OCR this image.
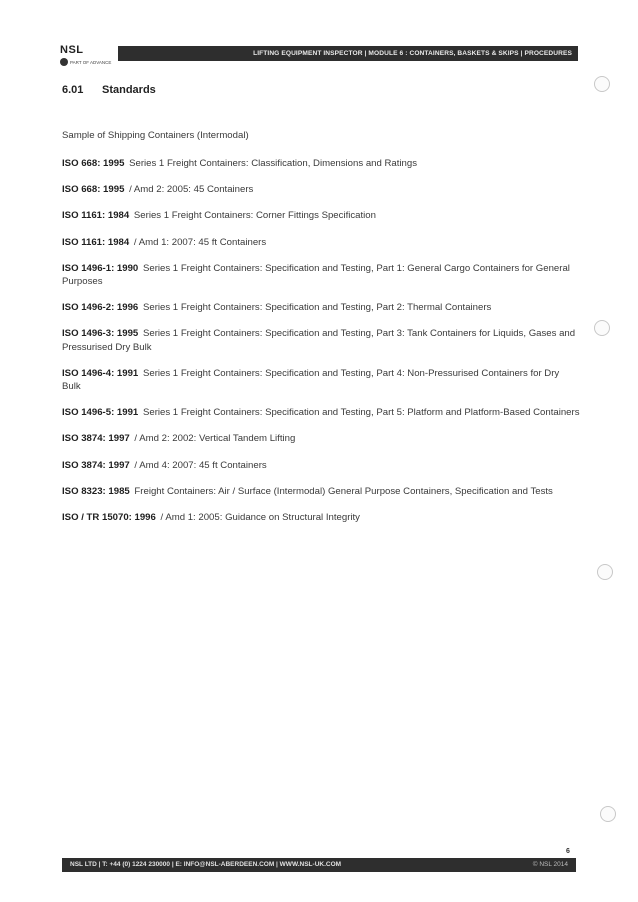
NSL
PART OF ADVANCE
LIFTING EQUIPMENT INSPECTOR | MODULE 6 : CONTAINERS, BASKETS & SKIPS | PROCEDURES
6.01 Standards
Sample of Shipping Containers (Intermodal)
ISO 668: 1995 Series 1 Freight Containers: Classification, Dimensions and Ratings
ISO 668: 1995 / Amd 2: 2005: 45 Containers
ISO 1161: 1984 Series 1 Freight Containers: Corner Fittings Specification
ISO 1161: 1984 / Amd 1: 2007: 45 ft Containers
ISO 1496-1: 1990 Series 1 Freight Containers: Specification and Testing, Part 1: General Cargo Containers for General Purposes
ISO 1496-2: 1996 Series 1 Freight Containers: Specification and Testing, Part 2: Thermal Containers
ISO 1496-3: 1995 Series 1 Freight Containers: Specification and Testing, Part 3: Tank Containers for Liquids, Gases and Pressurised Dry Bulk
ISO 1496-4: 1991 Series 1 Freight Containers: Specification and Testing, Part 4: Non-Pressurised Containers for Dry Bulk
ISO 1496-5: 1991 Series 1 Freight Containers: Specification and Testing, Part 5: Platform and Platform-Based Containers
ISO 3874: 1997 / Amd 2: 2002: Vertical Tandem Lifting
ISO 3874: 1997 / Amd 4: 2007: 45 ft Containers
ISO 8323: 1985 Freight Containers: Air / Surface (Intermodal) General Purpose Containers, Specification and Tests
ISO / TR 15070: 1996 / Amd 1: 2005: Guidance on Structural Integrity
6
NSL LTD | T: +44 (0) 1224 230000 | E: INFO@NSL-ABERDEEN.COM | WWW.NSL-UK.COM	© NSL 2014
